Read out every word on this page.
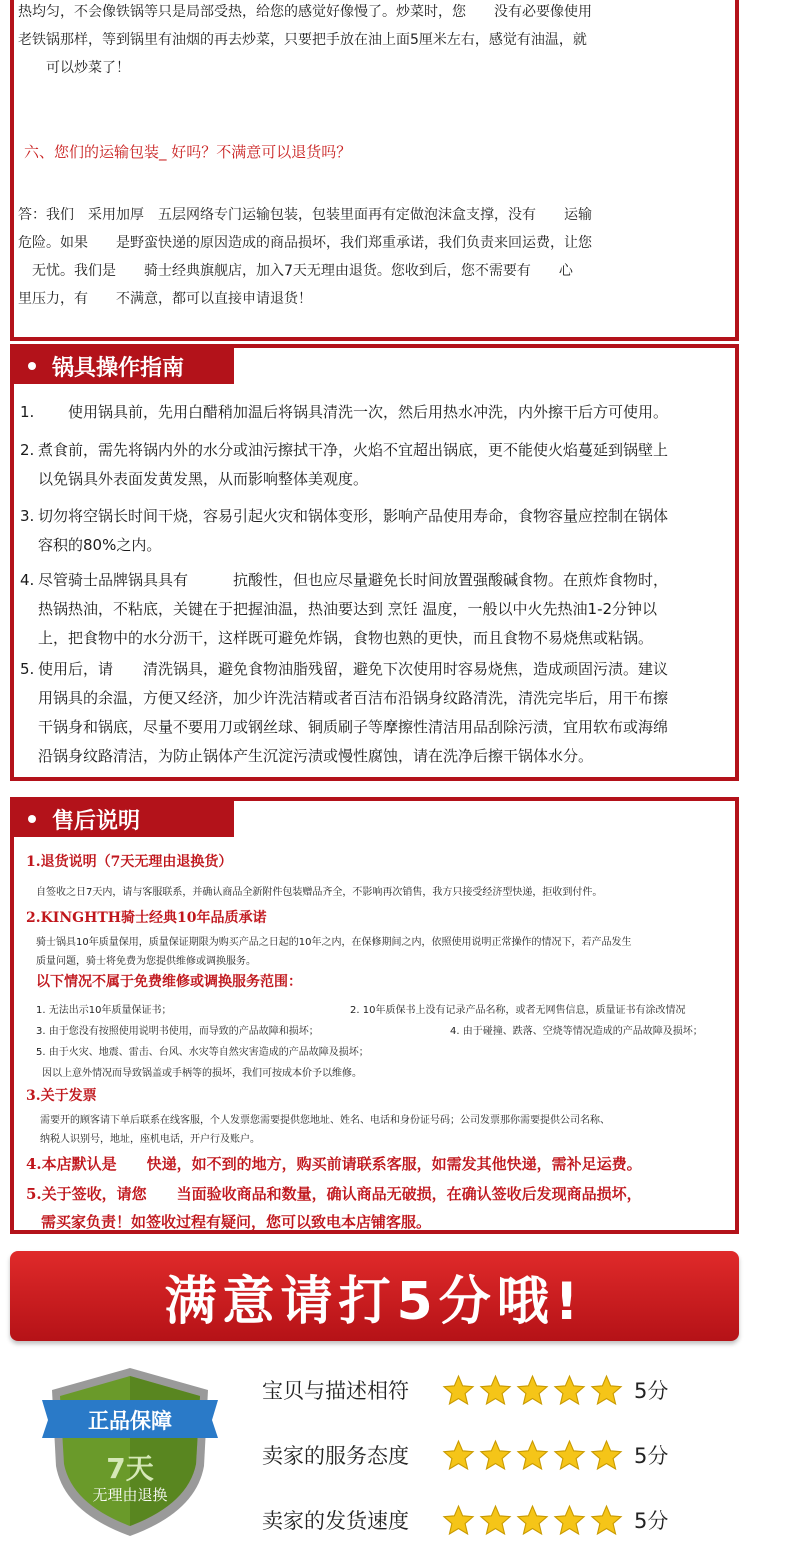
热均匀，不会像铁锅等只是局部受热，给您的感觉好像慢了。炒菜时，您　　没有必要像使用
老铁锅那样，等到锅里有油烟的再去炒菜，只要把手放在油上面5厘米左右，感觉有油温，就
　　可以炒菜了！
六、您们的运输包装_ 好吗？不满意可以退货吗？
答：我们　采用加厚　五层网络专门运输包装，包装里面再有定做泡沫盒支撑，没有　　运输
危险。如果　　是野蛮快递的原因造成的商品损坏，我们郑重承诺，我们负责来回运费，让您
　无忧。我们是　　骑士经典旗舰店，加入7天无理由退货。您收到后，您不需要有　　心
里压力，有　　不满意，都可以直接申请退货！
锅具操作指南
1.　　使用锅具前，先用白醋稍加温后将锅具清洗一次，然后用热水冲洗，内外擦干后方可使用。
2. 煮食前，需先将锅内外的水分或油污擦拭干净，火焰不宜超出锅底，更不能使火焰蔓延到锅壁上
以免锅具外表面发黄发黑，从而影响整体美观度。
3. 切勿将空锅长时间干烧，容易引起火灾和锅体变形，影响产品使用寿命，食物容量应控制在锅体
容积的80%之内。
4. 尽管骑士品牌锅具具有　　　抗酸性，但也应尽量避免长时间放置强酸碱食物。在煎炸食物时，
热锅热油，不粘底，关键在于把握油温，热油要达到 烹饪 温度，一般以中火先热油1-2分钟以
上，把食物中的水分沥干，这样既可避免炸锅，食物也熟的更快，而且食物不易烧焦或粘锅。
5. 使用后，请　　清洗锅具，避免食物油脂残留，避免下次使用时容易烧焦，造成顽固污渍。建议
用锅具的余温，方便又经济，加少许洗洁精或者百洁布沿锅身纹路清洗，清洗完毕后，用干布擦
干锅身和锅底，尽量不要用刀或钢丝球、铜质刷子等摩擦性清洁用品刮除污渍，宜用软布或海绵
沿锅身纹路清洁，为防止锅体产生沉淀污渍或慢性腐蚀，请在洗净后擦干锅体水分。
售后说明
1.退货说明（7天无理由退换货）
自签收之日7天内，请与客服联系，并确认商品全新附件包装赠品齐全，不影响再次销售，我方只接受经济型快递，拒收到付件。
2.KINGHTH骑士经典10年品质承诺
骑士锅具10年质量保用，质量保证期限为购买产品之日起的10年之内，在保修期间之内，依照使用说明正常操作的情况下，若产品发生
质量问题，骑士将免费为您提供维修或调换服务。
以下情况不属于免费维修或调换服务范围：
1. 无法出示10年质量保证书；	2. 10年质保书上没有记录产品名称，或者无网售信息，质量证书有涂改情况
3. 由于您没有按照使用说明书使用，而导致的产品故障和损坏；	4. 由于碰撞、跌落、空烧等情况造成的产品故障及损坏；
5. 由于火灾、地震、雷击、台风、水灾等自然灾害造成的产品故障及损坏；
因以上意外情况而导致锅盖或手柄等的损坏，我们可按成本价予以维修。
3.关于发票
需要开的顾客请下单后联系在线客服，个人发票您需要提供您地址、姓名、电话和身份证号码；公司发票那你需要提供公司名称、
纳税人识别号，地址，座机电话，开户行及账户。
4.本店默认是　　快递，如不到的地方，购买前请联系客服，如需发其他快递，需补足运费。
5.关于签收，请您　　当面验收商品和数量，确认商品无破损，在确认签收后发现商品损坏，
　需买家负责！如签收过程有疑问，您可以致电本店铺客服。
满意请打5分哦!
正品保障
7天
无理由退换
宝贝与描述相符	5分
卖家的服务态度	5分
卖家的发货速度	5分
